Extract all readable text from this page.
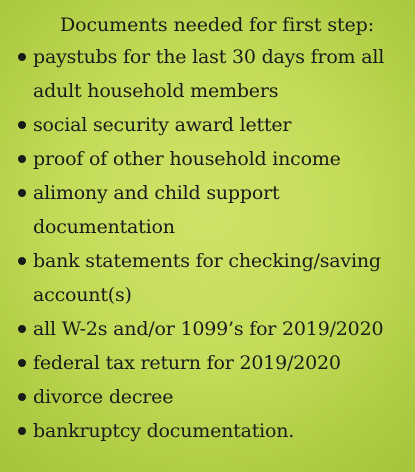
Documents needed for first step:
paystubs for the last 30 days from all adult household members
social security award letter
proof of other household income
alimony and child support documentation
bank statements for checking/saving account(s)
all W-2s and/or 1099’s for 2019/2020
federal tax return for 2019/2020
divorce decree
bankruptcy documentation.
